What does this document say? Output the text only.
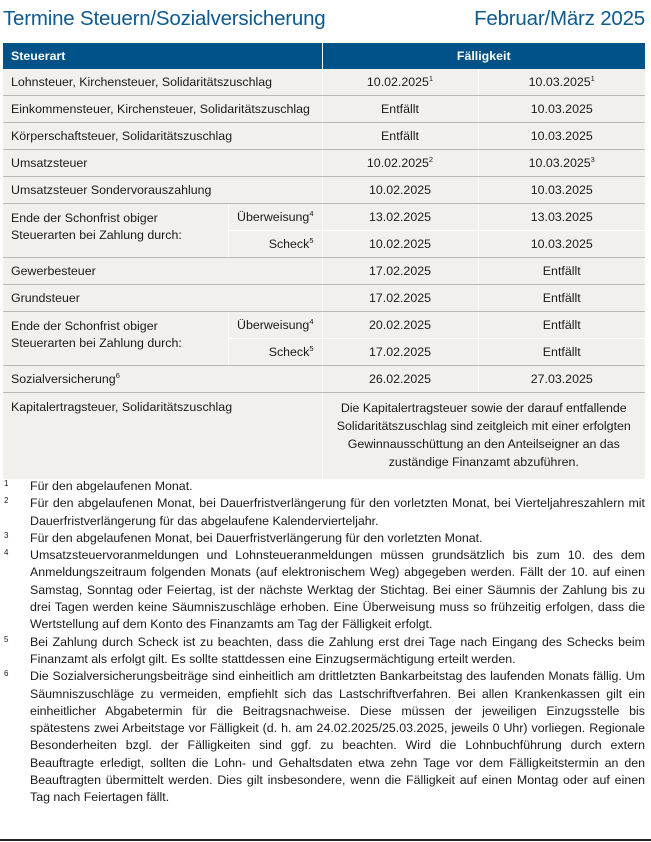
Termine Steuern/Sozialversicherung	Februar/März 2025
Steuerart		Fälligkeit	
Lohnsteuer, Kirchensteuer, Solidaritätszuschlag		10.02.2025$^1$	10.03.2025$^1$
Einkommensteuer, Kirchensteuer, Solidaritätszuschlag		Entfällt	10.03.2025
Körperschaftsteuer, Solidaritätszuschlag		Entfällt	10.03.2025
Umsatzsteuer		10.02.2025$^2$	10.03.2025$^3$
Umsatzsteuer Sondervorauszahlung		10.02.2025	10.03.2025
Ende der Schonfrist obiger Steuerarten bei Zahlung durch:	Überweisung$^4$	13.02.2025	13.03.2025
	Scheck$^5$	10.02.2025	10.03.2025
Gewerbesteuer		17.02.2025	Entfällt
Grundsteuer		17.02.2025	Entfällt
Ende der Schonfrist obiger Steuerarten bei Zahlung durch:	Überweisung$^4$	20.02.2025	Entfällt
	Scheck$^5$	17.02.2025	Entfällt
Sozialversicherung$^6$		26.02.2025	27.03.2025
Kapitalertragsteuer, Solidaritätszuschlag		Die Kapitalertragsteuer sowie der darauf entfallende Solidaritätszuschlag sind zeitgleich mit einer erfolgten Gewinnausschüttung an den Anteilseigner an das zuständige Finanzamt abzuführen.	
1	Für den abgelaufenen Monat.
2	Für den abgelaufenen Monat, bei Dauerfristverlängerung für den vorletzten Monat, bei Vierteljahreszahlern mit Dauerfristverlängerung für das abgelaufene Kalendervierteljahr.
3	Für den abgelaufenen Monat, bei Dauerfristverlängerung für den vorletzten Monat.
4	Umsatzsteuervoranmeldungen und Lohnsteueranmeldungen müssen grundsätzlich bis zum 10. des dem Anmeldungszeitraum folgenden Monats (auf elektronischem Weg) abgegeben werden. Fällt der 10. auf einen Samstag, Sonntag oder Feiertag, ist der nächste Werktag der Stichtag. Bei einer Säumnis der Zahlung bis zu drei Tagen werden keine Säumniszuschläge erhoben. Eine Überweisung muss so frühzeitig erfolgen, dass die Wertstellung auf dem Konto des Finanzamts am Tag der Fälligkeit erfolgt.
5	Bei Zahlung durch Scheck ist zu beachten, dass die Zahlung erst drei Tage nach Eingang des Schecks beim Finanzamt als erfolgt gilt. Es sollte stattdessen eine Einzugsermächtigung erteilt werden.
6	Die Sozialversicherungsbeiträge sind einheitlich am drittletzten Bankarbeitstag des laufenden Monats fällig. Um Säumniszuschläge zu vermeiden, empfiehlt sich das Lastschriftverfahren. Bei allen Krankenkassen gilt ein einheitlicher Abgabetermin für die Beitragsnachweise. Diese müssen der jeweiligen Einzugsstelle bis spätestens zwei Arbeitstage vor Fälligkeit (d. h. am 24.02.2025/25.03.2025, jeweils 0 Uhr) vorliegen. Regionale Besonderheiten bzgl. der Fälligkeiten sind ggf. zu beachten. Wird die Lohnbuchführung durch extern Beauftragte erledigt, sollten die Lohn- und Gehaltsdaten etwa zehn Tage vor dem Fälligkeitstermin an den Beauftragten übermittelt werden. Dies gilt insbesondere, wenn die Fälligkeit auf einen Montag oder auf einen Tag nach Feiertagen fällt.
